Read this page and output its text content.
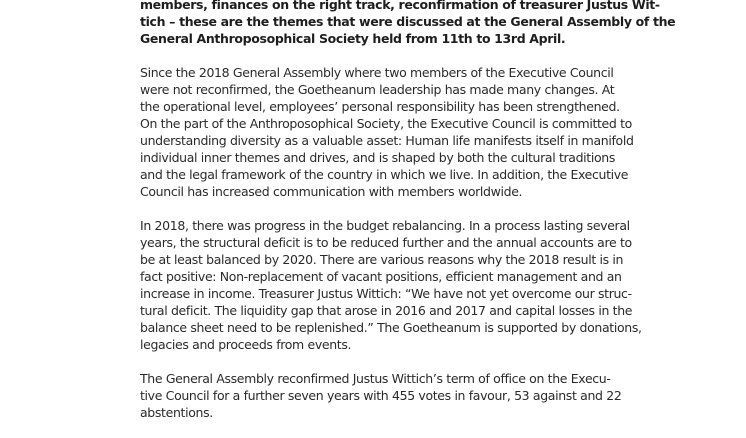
members, finances on the right track, reconfirmation of treasurer Justus Wit-
tich – these are the themes that were discussed at the General Assembly of the
General Anthroposophical Society held from 11th to 13rd April.
Since the 2018 General Assembly where two members of the Executive Council
were not reconfirmed, the Goetheanum leadership has made many changes. At
the operational level, employees’ personal responsibility has been strengthened.
On the part of the Anthroposophical Society, the Executive Council is committed to
understanding diversity as a valuable asset: Human life manifests itself in manifold
individual inner themes and drives, and is shaped by both the cultural traditions
and the legal framework of the country in which we live. In addition, the Executive
Council has increased communication with members worldwide.
In 2018, there was progress in the budget rebalancing. In a process lasting several
years, the structural deficit is to be reduced further and the annual accounts are to
be at least balanced by 2020. There are various reasons why the 2018 result is in
fact positive: Non-replacement of vacant positions, efficient management and an
increase in income. Treasurer Justus Wittich: “We have not yet overcome our struc-
tural deficit. The liquidity gap that arose in 2016 and 2017 and capital losses in the
balance sheet need to be replenished.” The Goetheanum is supported by donations,
legacies and proceeds from events.
The General Assembly reconfirmed Justus Wittich’s term of office on the Execu-
tive Council for a further seven years with 455 votes in favour, 53 against and 22
abstentions.
